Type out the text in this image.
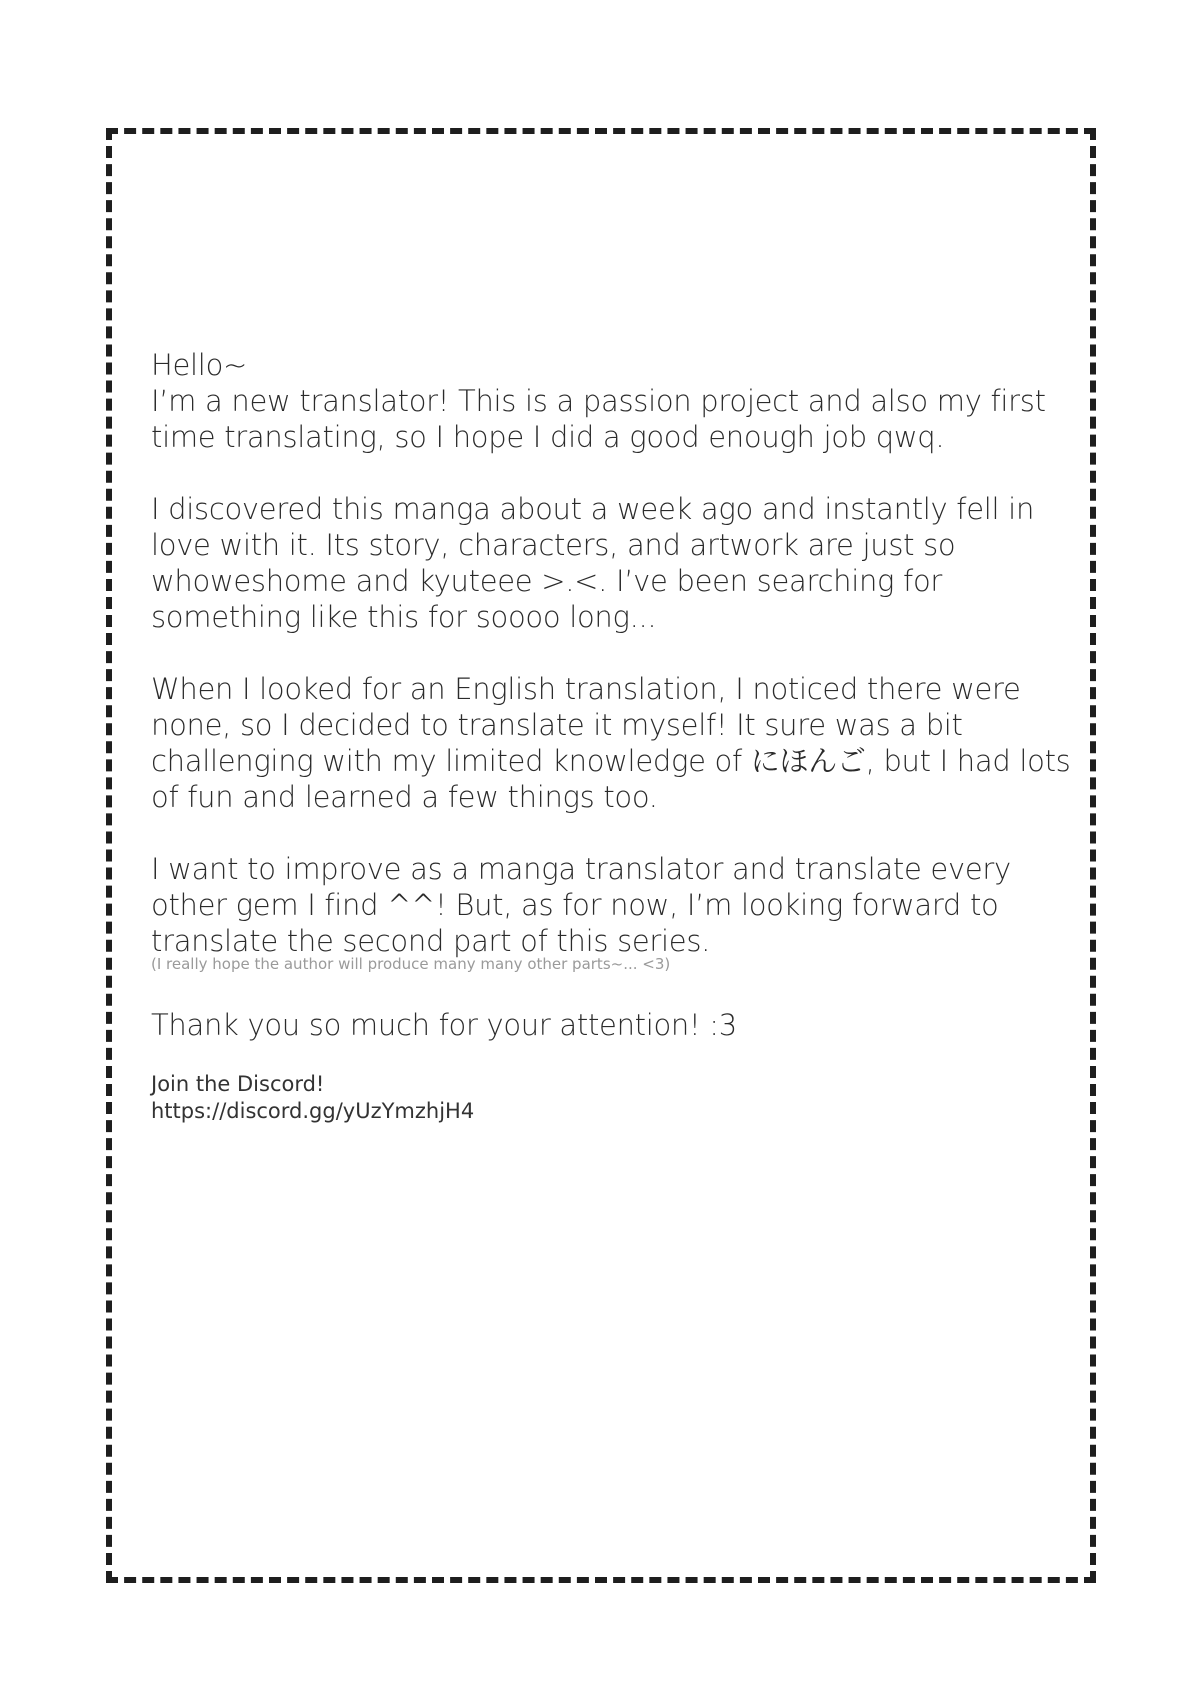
Hello~

I’m a new translator! This is a passion project and also my first time translating, so I hope I did a good enough job qwq.

I discovered this manga about a week ago and instantly fell in love with it. Its story, characters, and artwork are just so whoweshome and kyuteee >.<. I’ve been searching for something like this for soooo long...

When I looked for an English translation, I noticed there were none, so I decided to translate it myself! It sure was a bit challenging with my limited knowledge of にほんご, but I had lots of fun and learned a few things too.

I want to improve as a manga translator and translate every other gem I find ^^! But, as for now, I’m looking forward to translate the second part of this series.

(I really hope the author will produce many many other parts~... <3)

Thank you so much for your attention! :3

Join the Discord!
https://discord.gg/yUzYmzhjH4
